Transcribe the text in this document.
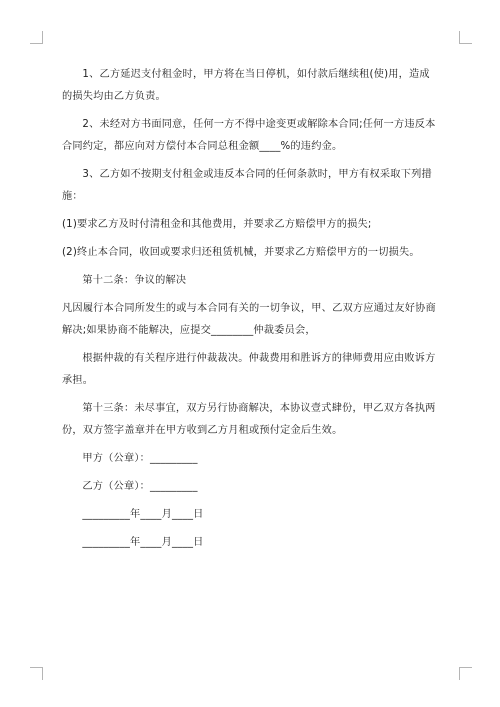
1、乙方延迟支付租金时，甲方将在当日停机，如付款后继续租(使)用，造成的损失均由乙方负责。

2、未经对方书面同意，任何一方不得中途变更或解除本合同;任何一方违反本合同约定，都应向对方偿付本合同总租金额____%的违约金。

3、乙方如不按期支付租金或违反本合同的任何条款时，甲方有权采取下列措施：

(1)要求乙方及时付清租金和其他费用，并要求乙方赔偿甲方的损失;

(2)终止本合同，收回或要求归还租赁机械，并要求乙方赔偿甲方的一切损失。

第十二条：争议的解决

凡因履行本合同所发生的或与本合同有关的一切争议，甲、乙双方应通过友好协商解决;如果协商不能解决，应提交________仲裁委员会，

根据仲裁的有关程序进行仲裁裁决。仲裁费用和胜诉方的律师费用应由败诉方承担。

第十三条：未尽事宜，双方另行协商解决，本协议壹式肆份，甲乙双方各执两份，双方签字盖章并在甲方收到乙方月租或预付定金后生效。

甲方（公章）：_________
乙方（公章）：_________
_________年____月____日
_________年____月____日
